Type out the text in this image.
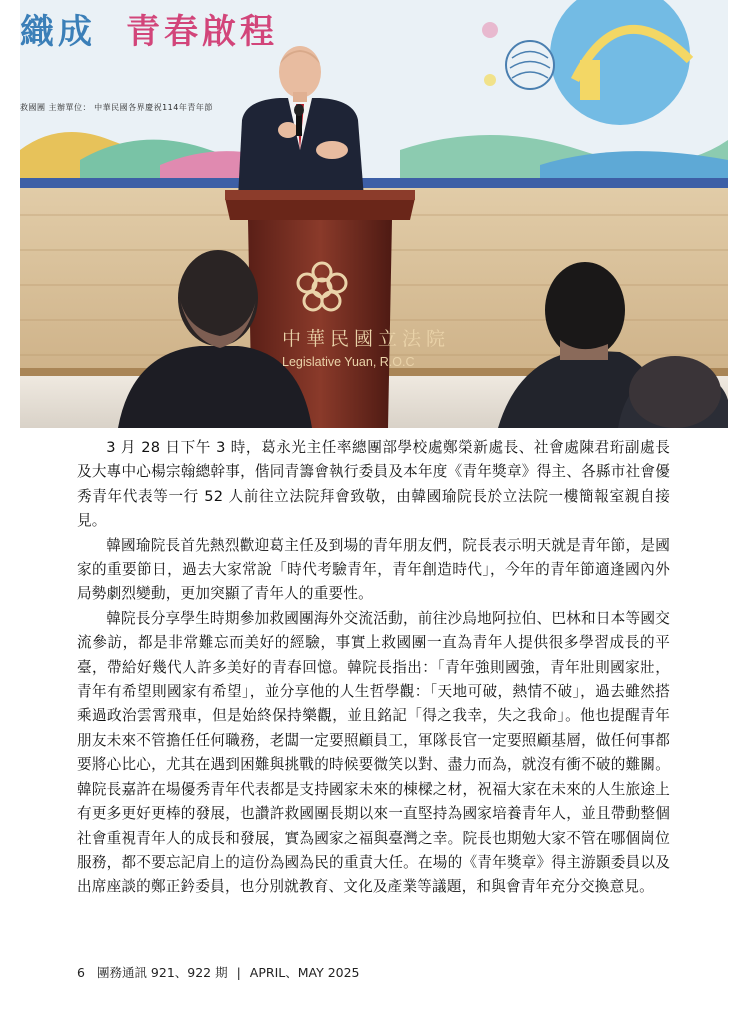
織成 青春啟程
救國團 主辦單位： 中華民國各界慶祝114年青年節
中華民國立法院
Legislative Yuan, R.O.C

3 月 28 日下午 3 時，葛永光主任率總團部學校處鄭榮新處長、社會處陳君珩副處長及大專中心楊宗翰總幹事，偕同青籌會執行委員及本年度《青年獎章》得主、各縣市社會優秀青年代表等一行 52 人前往立法院拜會致敬，由韓國瑜院長於立法院一樓簡報室親自接見。

韓國瑜院長首先熱烈歡迎葛主任及到場的青年朋友們，院長表示明天就是青年節，是國家的重要節日，過去大家常說「時代考驗青年，青年創造時代」，今年的青年節適逢國內外局勢劇烈變動，更加突顯了青年人的重要性。

韓院長分享學生時期參加救國團海外交流活動，前往沙烏地阿拉伯、巴林和日本等國交流參訪，都是非常難忘而美好的經驗，事實上救國團一直為青年人提供很多學習成長的平臺，帶給好幾代人許多美好的青春回憶。韓院長指出：「青年強則國強，青年壯則國家壯，青年有希望則國家有希望」，並分享他的人生哲學觀：「天地可破，熱情不破」，過去雖然搭乘過政治雲霄飛車，但是始終保持樂觀，並且銘記「得之我幸，失之我命」。他也提醒青年朋友未來不管擔任任何職務，老闆一定要照顧員工，軍隊長官一定要照顧基層，做任何事都要將心比心，尤其在遇到困難與挑戰的時候要微笑以對、盡力而為，就沒有衝不破的難關。韓院長嘉許在場優秀青年代表都是支持國家未來的棟樑之材，祝福大家在未來的人生旅途上有更多更好更棒的發展，也讚許救國團長期以來一直堅持為國家培養青年人，並且帶動整個社會重視青年人的成長和發展，實為國家之福與臺灣之幸。院長也期勉大家不管在哪個崗位服務，都不要忘記肩上的這份為國為民的重責大任。在場的《青年獎章》得主游顥委員以及出席座談的鄭正鈐委員，也分別就教育、文化及產業等議題，和與會青年充分交換意見。

6 團務通訊 921、922 期 | APRIL、MAY 2025
